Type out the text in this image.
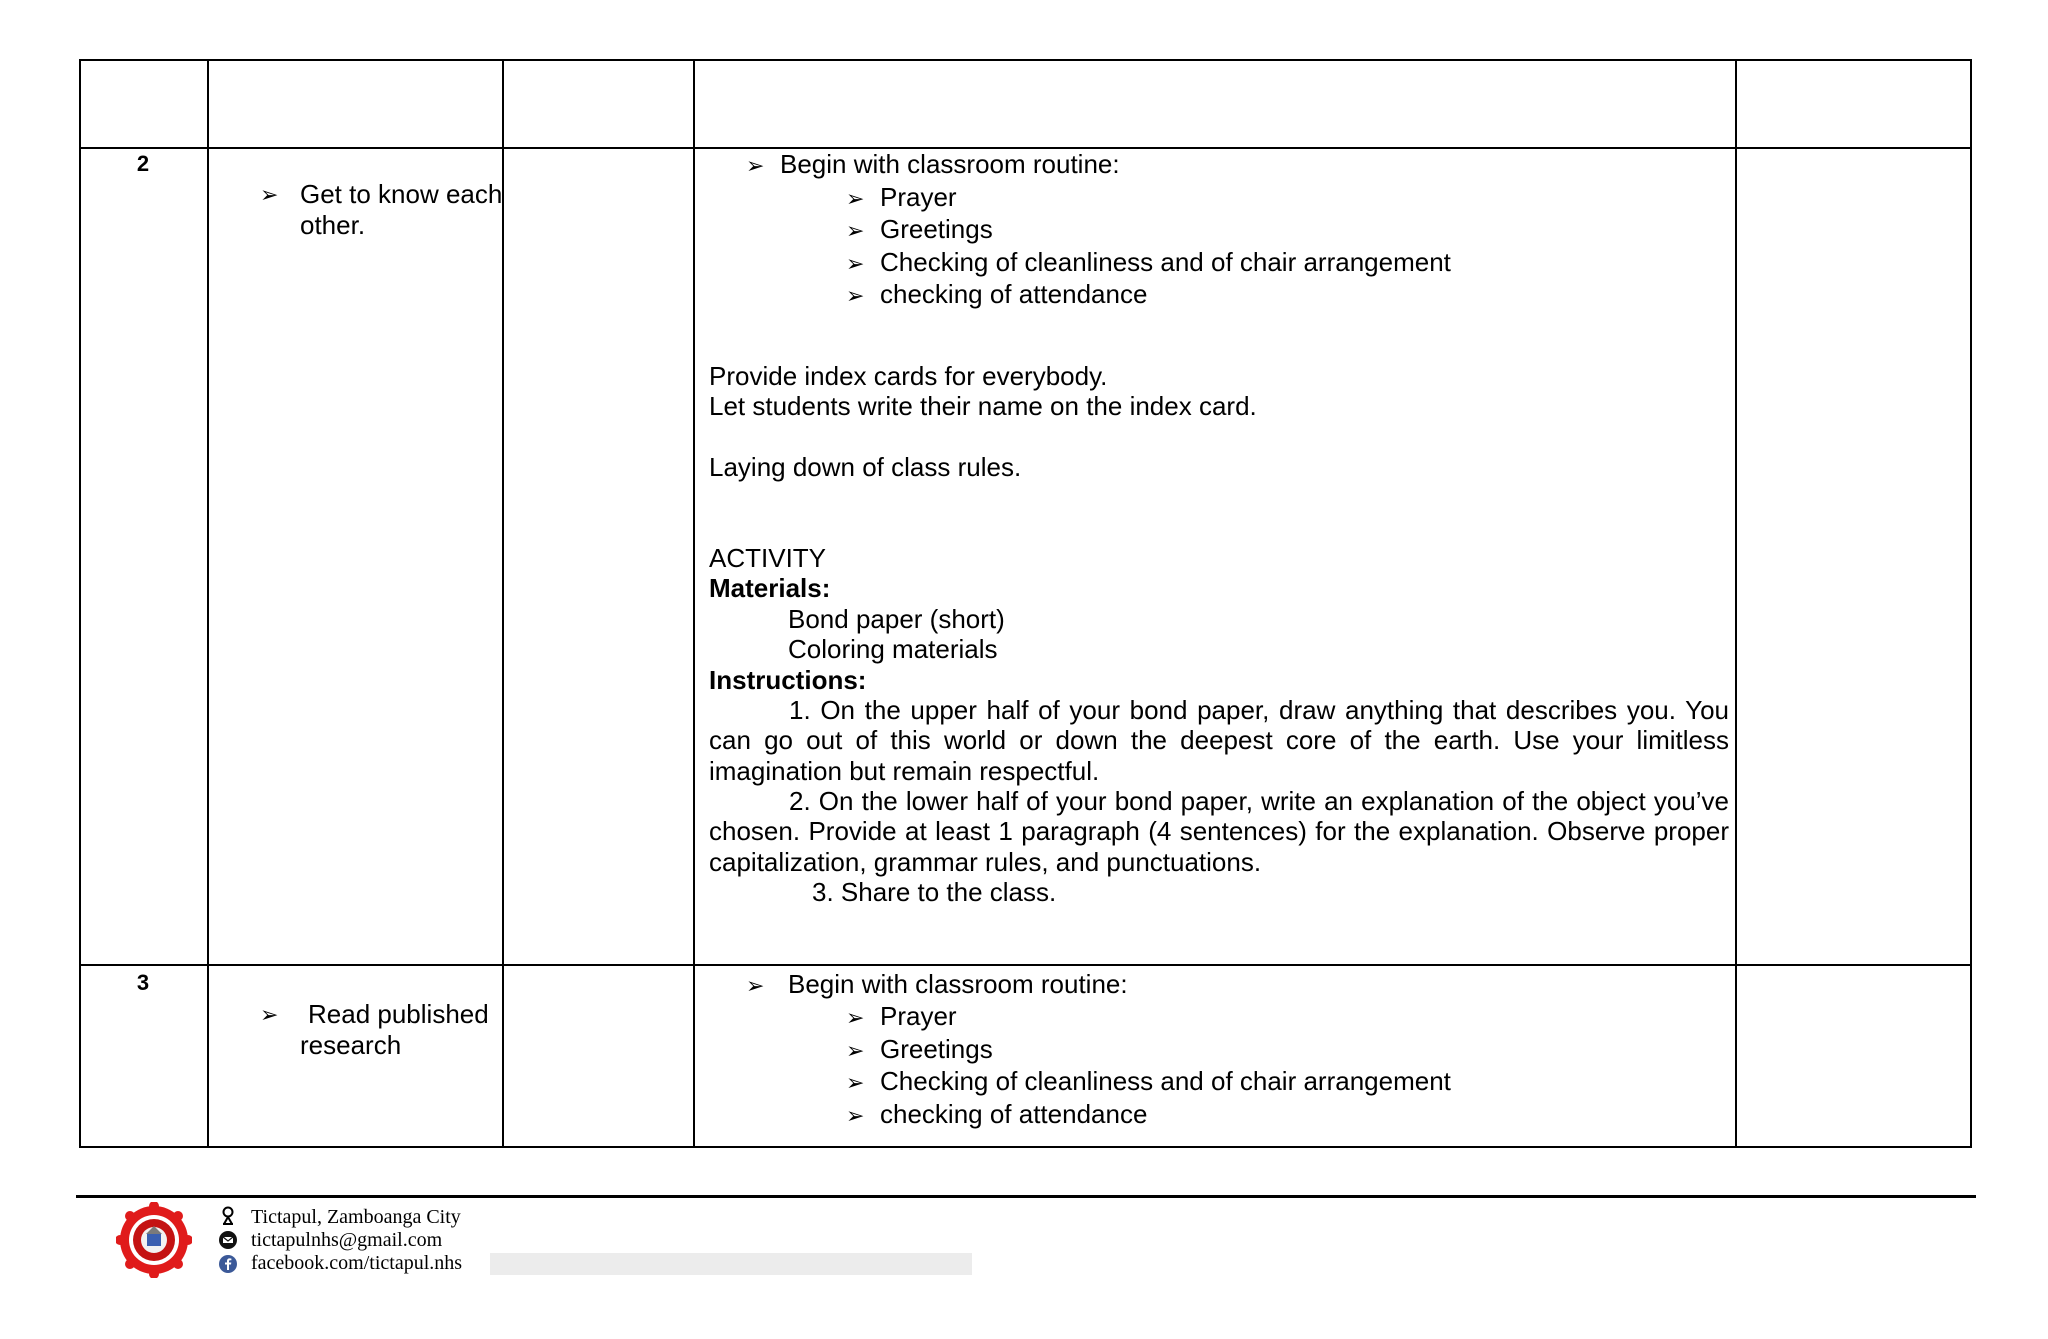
2
➢ Get to know each other.
➢ Begin with classroom routine:
➢ Prayer
➢ Greetings
➢ Checking of cleanliness and of chair arrangement
➢ checking of attendance
Provide index cards for everybody.
Let students write their name on the index card.
Laying down of class rules.
ACTIVITY
Materials:
Bond paper (short)
Coloring materials
Instructions:
1. On the upper half of your bond paper, draw anything that describes you. You can go out of this world or down the deepest core of the earth. Use your limitless imagination but remain respectful.
2. On the lower half of your bond paper, write an explanation of the object you’ve chosen. Provide at least 1 paragraph (4 sentences) for the explanation. Observe proper capitalization, grammar rules, and punctuations.
3. Share to the class.
3
➢	Read published research
➢ Begin with classroom routine:
➢ Prayer
➢ Greetings
➢ Checking of cleanliness and of chair arrangement
➢ checking of attendance
Tictapul, Zamboanga City
tictapulnhs@gmail.com
facebook.com/tictapul.nhs
